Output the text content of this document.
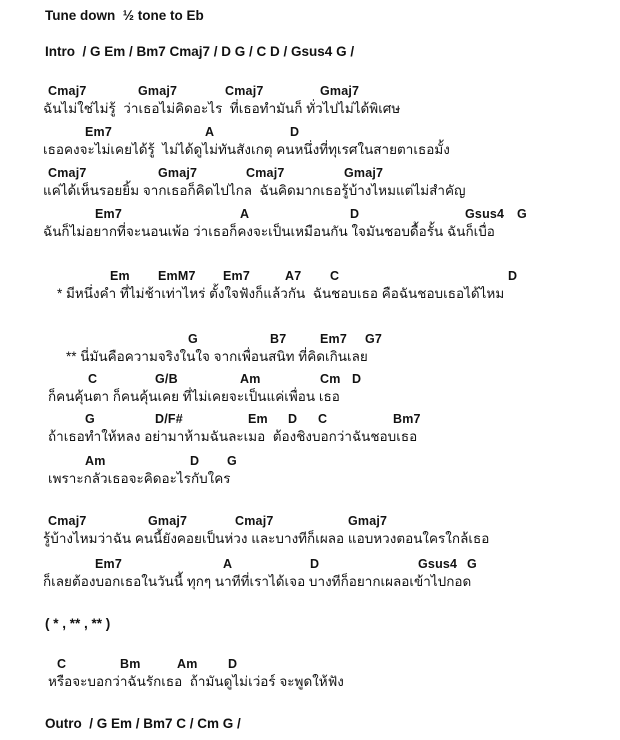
Tune down  ½ tone to Eb
Intro  / G Em / Bm7 Cmaj7 / D G / C D / Gsus4 G /
Cmaj7	Gmaj7	Cmaj7	Gmaj7
ฉันไม่ใช่ไม่รู้  ว่าเธอไม่คิดอะไร  ที่เธอทำมันก็ ทั่วไปไม่ได้พิเศษ
Em7	A	D
เธอคงจะไม่เคยได้รู้  ไม่ได้ดูไม่ทันสังเกตุ คนหนึ่งที่ทุเรศในสายตาเธอมั้ง
Cmaj7	Gmaj7	Cmaj7	Gmaj7
แค่ได้เห็นรอยยิ้ม จากเธอก็คิดไปไกล  ฉันคิดมากเธอรู้บ้างไหมแต่ไม่สำคัญ
Em7	A	D	Gsus4 G
ฉันก็ไม่อยากที่จะนอนเพ้อ ว่าเธอก็คงจะเป็นเหมือนกัน ใจมันชอบดื้อรั้น ฉันก็เบื่อ
Em EmM7 Em7	A7 C	D
* มีหนึ่งคำ ที่ไม่ช้าเท่าไหร่ ตั้งใจฟังก็แล้วกัน  ฉันชอบเธอ คือฉันชอบเธอได้ไหม
G	B7	Em7 G7
** นี่มันคือความจริงในใจ จากเพื่อนสนิท ที่คิดเกินเลย
C	G/B	Am	Cm D
ก็คนคุ้นตา ก็คนคุ้นเคย ที่ไม่เคยจะเป็นแค่เพื่อน เธอ
G	D/F#	Em D C	Bm7
ถ้าเธอทำให้หลง อย่ามาห้ามฉันละเมอ  ต้องชิงบอกว่าฉันชอบเธอ
Am	D G
เพราะกลัวเธอจะคิดอะไรกับใคร
Cmaj7	Gmaj7	Cmaj7	Gmaj7
รู้บ้างไหมว่าฉัน คนนี้ยังคอยเป็นห่วง และบางทีก็เผลอ แอบหวงตอนใครใกล้เธอ
Em7	A	D	Gsus4 G
ก็เลยต้องบอกเธอในวันนี้ ทุกๆ นาทีที่เราได้เจอ บางทีก็อยากเผลอเข้าไปกอด
( * , ** , ** )
C	Bm	Am D
หรือจะบอกว่าฉันรักเธอ  ถ้ามันดูไม่เว่อร์ จะพูดให้ฟัง
Outro  / G Em / Bm7 C / Cm G /
